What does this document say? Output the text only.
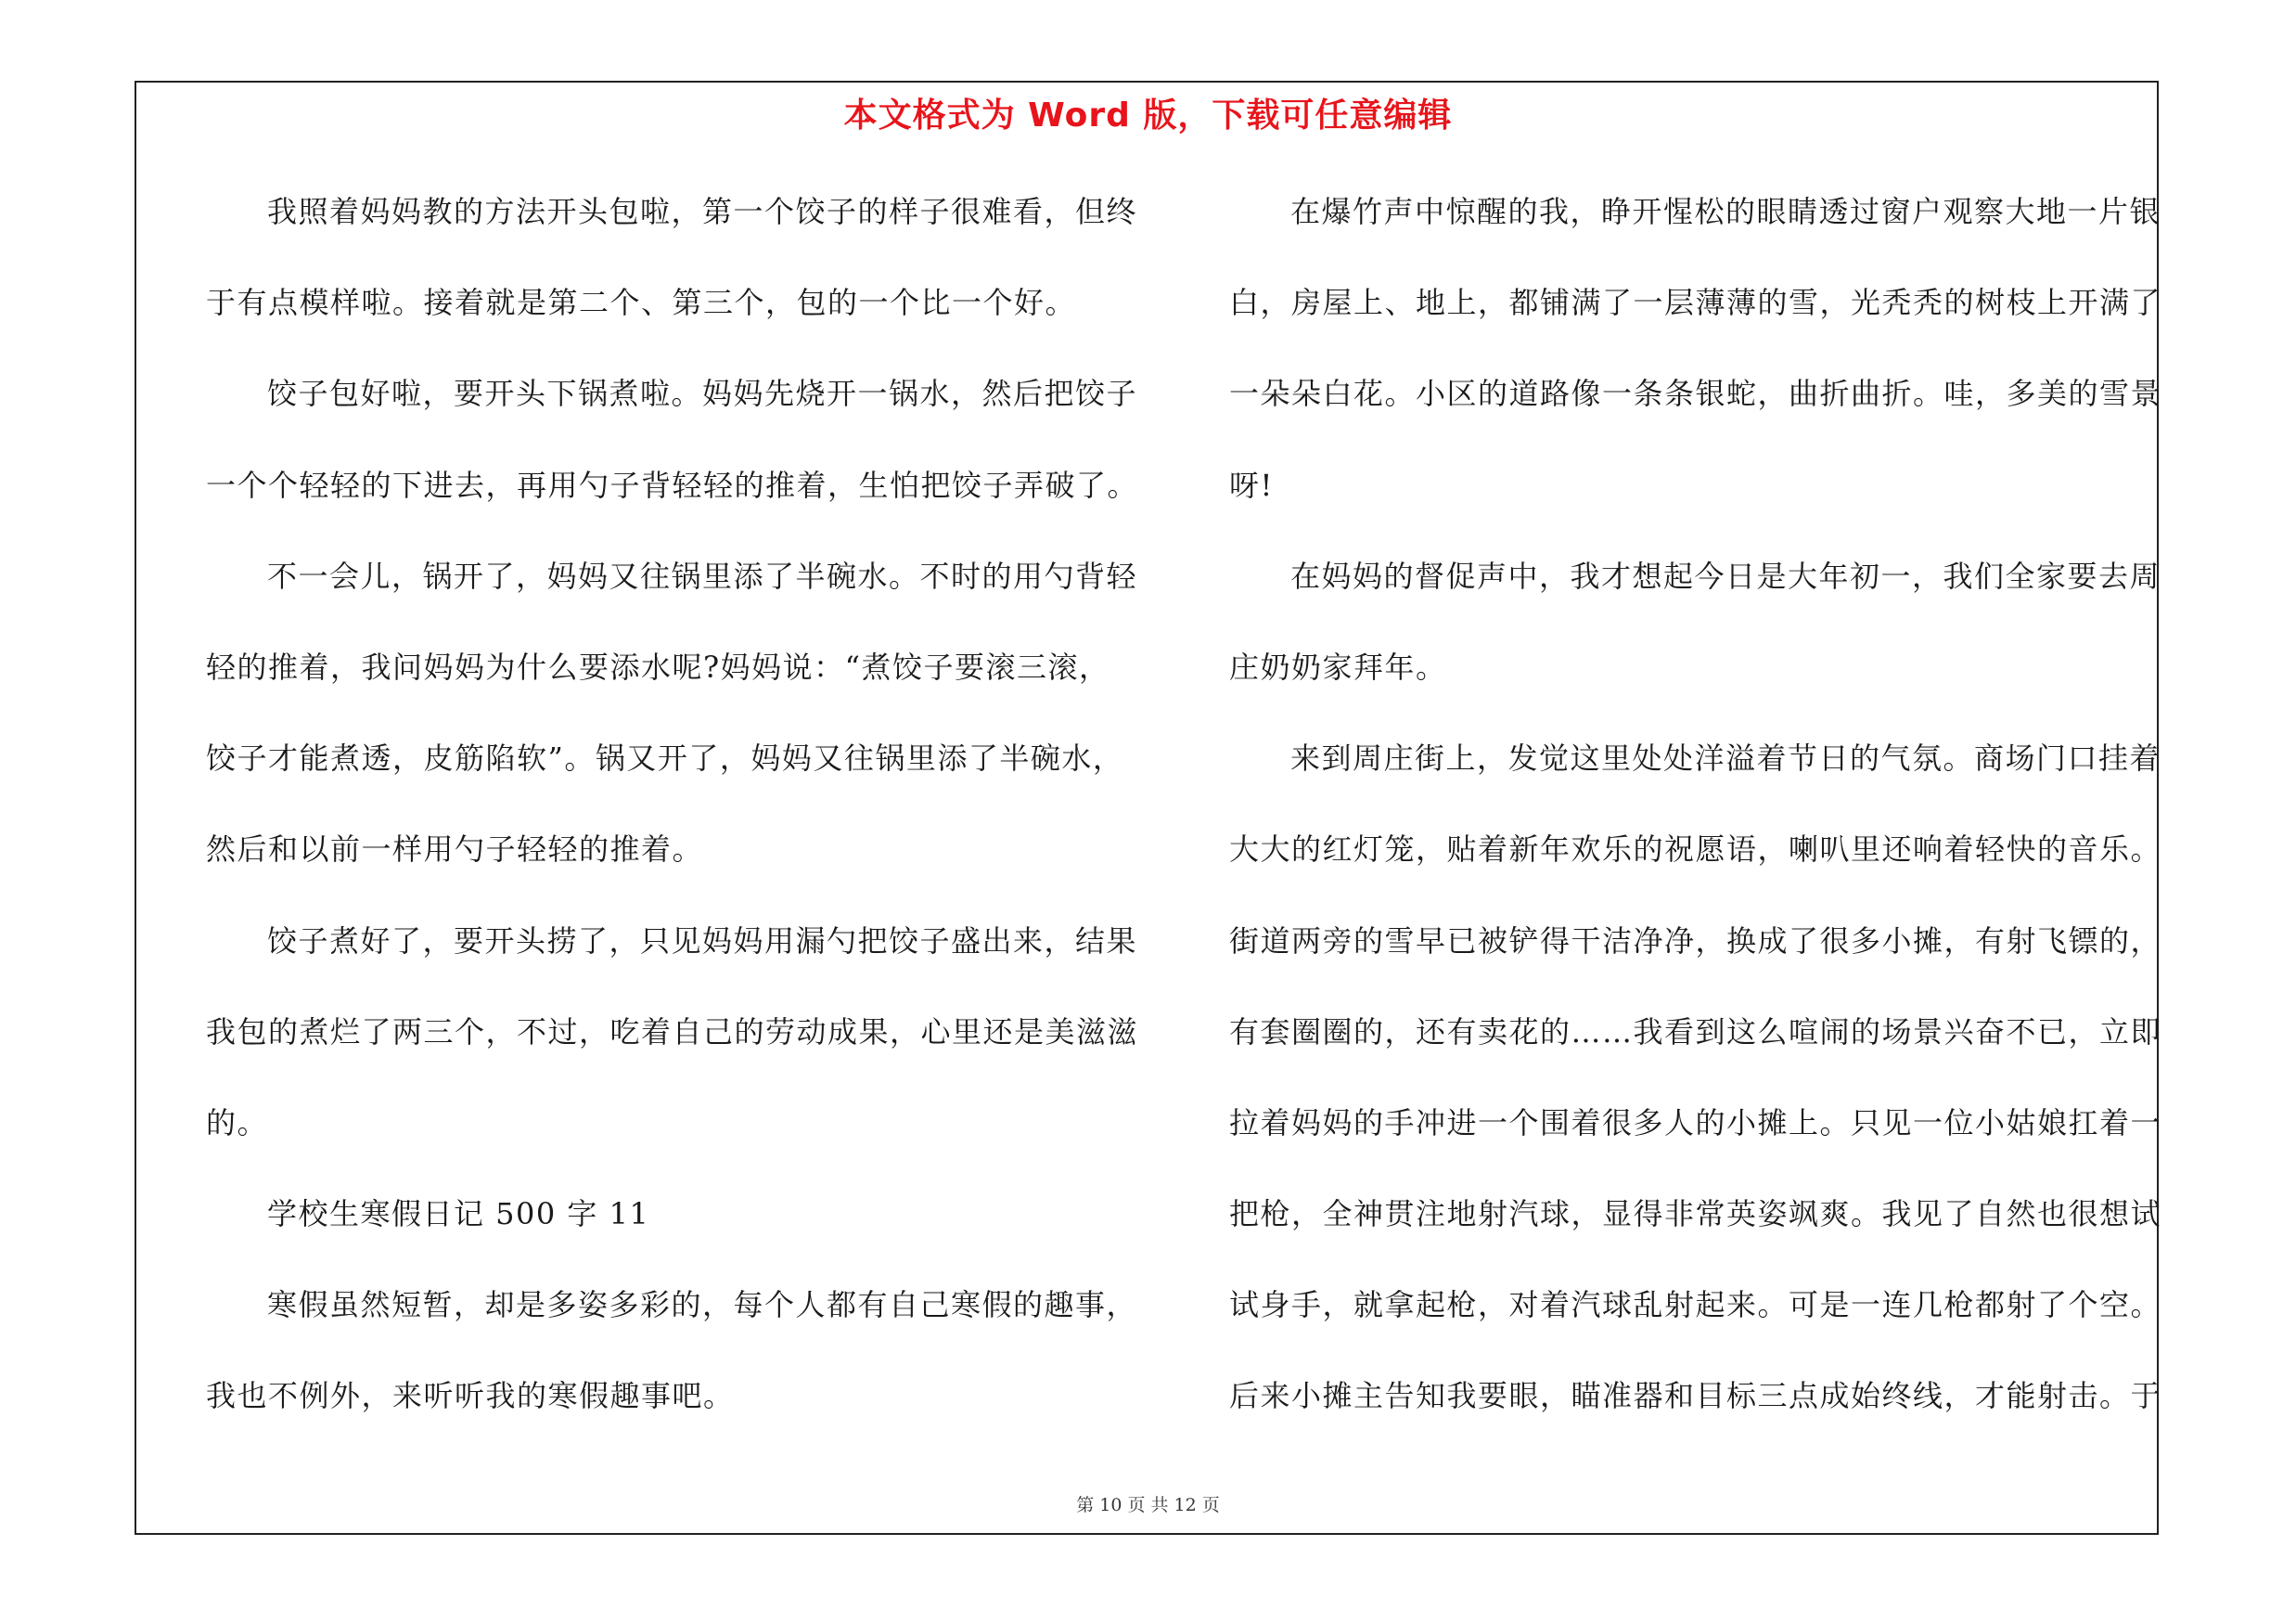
本文格式为 Word 版，下载可任意编辑
我照着妈妈教的方法开头包啦，第一个饺子的样子很难看，但终
于有点模样啦。接着就是第二个、第三个，包的一个比一个好。
饺子包好啦，要开头下锅煮啦。妈妈先烧开一锅水，然后把饺子
一个个轻轻的下进去，再用勺子背轻轻的推着，生怕把饺子弄破了。
不一会儿，锅开了，妈妈又往锅里添了半碗水。不时的用勺背轻
轻的推着，我问妈妈为什么要添水呢?妈妈说：“煮饺子要滚三滚，
饺子才能煮透，皮筋陷软”。锅又开了，妈妈又往锅里添了半碗水，
然后和以前一样用勺子轻轻的推着。
饺子煮好了，要开头捞了，只见妈妈用漏勺把饺子盛出来，结果
我包的煮烂了两三个，不过，吃着自己的劳动成果，心里还是美滋滋
的。
学校生寒假日记 500 字 11
寒假虽然短暂，却是多姿多彩的，每个人都有自己寒假的趣事，
我也不例外，来听听我的寒假趣事吧。
在爆竹声中惊醒的我，睁开惺松的眼睛透过窗户观察大地一片银
白，房屋上、地上，都铺满了一层薄薄的雪，光秃秃的树枝上开满了
一朵朵白花。小区的道路像一条条银蛇，曲折曲折。哇，多美的雪景
呀!
在妈妈的督促声中，我才想起今日是大年初一，我们全家要去周
庄奶奶家拜年。
来到周庄街上，发觉这里处处洋溢着节日的气氛。商场门口挂着
大大的红灯笼，贴着新年欢乐的祝愿语，喇叭里还响着轻快的音乐。
街道两旁的雪早已被铲得干洁净净，换成了很多小摊，有射飞镖的，
有套圈圈的，还有卖花的……我看到这么喧闹的场景兴奋不已，立即
拉着妈妈的手冲进一个围着很多人的小摊上。只见一位小姑娘扛着一
把枪，全神贯注地射汽球，显得非常英姿飒爽。我见了自然也很想试
试身手，就拿起枪，对着汽球乱射起来。可是一连几枪都射了个空。
后来小摊主告知我要眼，瞄准器和目标三点成始终线，才能射击。于
第 10 页 共 12 页
